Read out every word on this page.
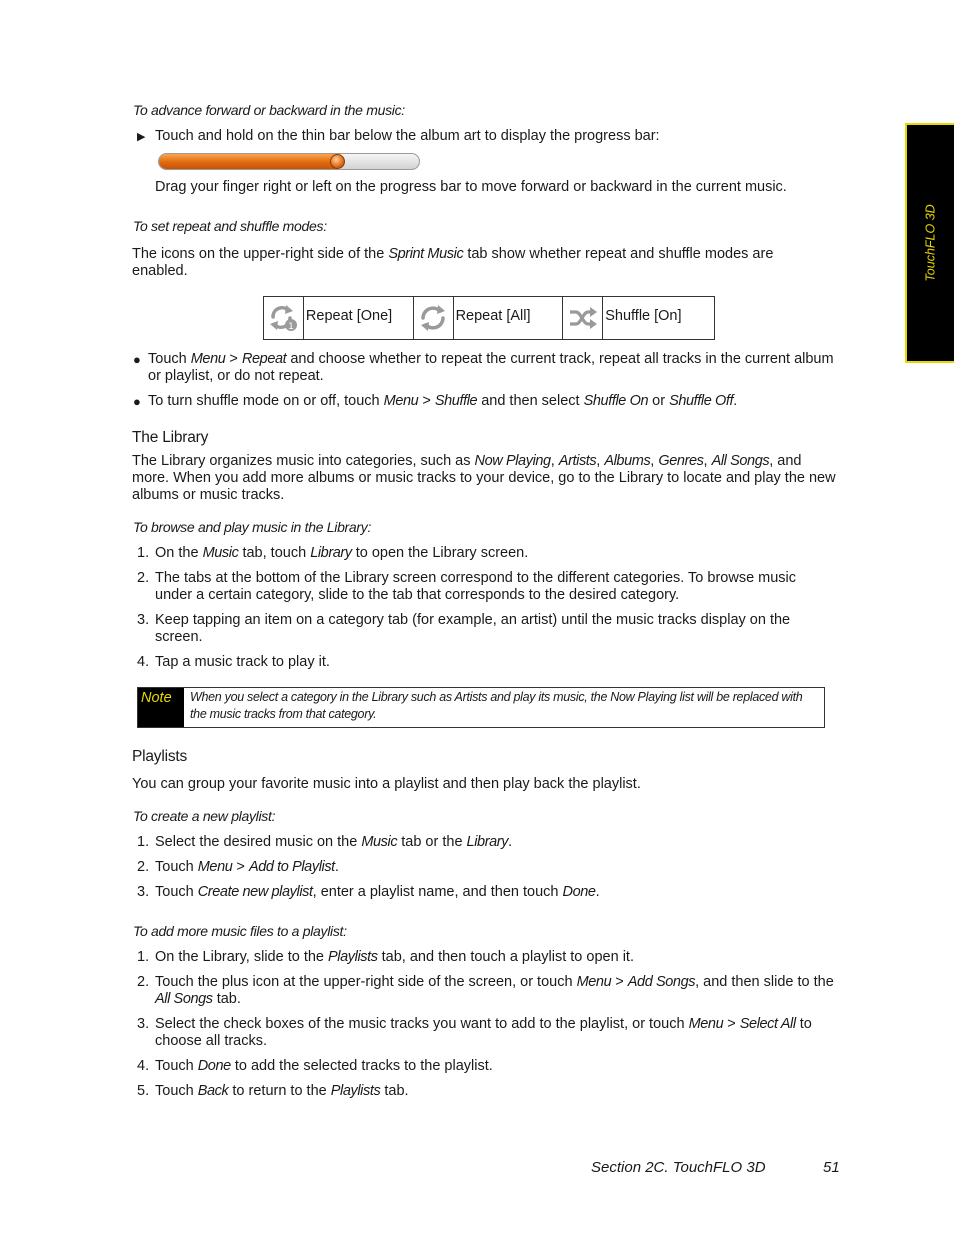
TouchFLO 3D
To advance forward or backward in the music:
▶ Touch and hold on the thin bar below the album art to display the progress bar:
Drag your finger right or left on the progress bar to move forward or backward in the current music.
To set repeat and shuffle modes:
The icons on the upper-right side of the Sprint Music tab show whether repeat and shuffle modes are enabled.
1
Repeat [One]	Repeat [All]	Shuffle [On]
● Touch Menu > Repeat and choose whether to repeat the current track, repeat all tracks in the current album or playlist, or do not repeat.
● To turn shuffle mode on or off, touch Menu > Shuffle and then select Shuffle On or Shuffle Off.
The Library
The Library organizes music into categories, such as Now Playing, Artists, Albums, Genres, All Songs, and more. When you add more albums or music tracks to your device, go to the Library to locate and play the new albums or music tracks.
To browse and play music in the Library:
1. On the Music tab, touch Library to open the Library screen.
2. The tabs at the bottom of the Library screen correspond to the different categories. To browse music under a certain category, slide to the tab that corresponds to the desired category.
3. Keep tapping an item on a category tab (for example, an artist) until the music tracks display on the screen.
4. Tap a music track to play it.
Note	When you select a category in the Library such as Artists and play its music, the Now Playing list will be replaced with the music tracks from that category.
Playlists
You can group your favorite music into a playlist and then play back the playlist.
To create a new playlist:
1. Select the desired music on the Music tab or the Library.
2. Touch Menu > Add to Playlist.
3. Touch Create new playlist, enter a playlist name, and then touch Done.
To add more music files to a playlist:
1. On the Library, slide to the Playlists tab, and then touch a playlist to open it.
2. Touch the plus icon at the upper-right side of the screen, or touch Menu > Add Songs, and then slide to the All Songs tab.
3. Select the check boxes of the music tracks you want to add to the playlist, or touch Menu > Select All to choose all tracks.
4. Touch Done to add the selected tracks to the playlist.
5. Touch Back to return to the Playlists tab.
Section 2C. TouchFLO 3D	51
